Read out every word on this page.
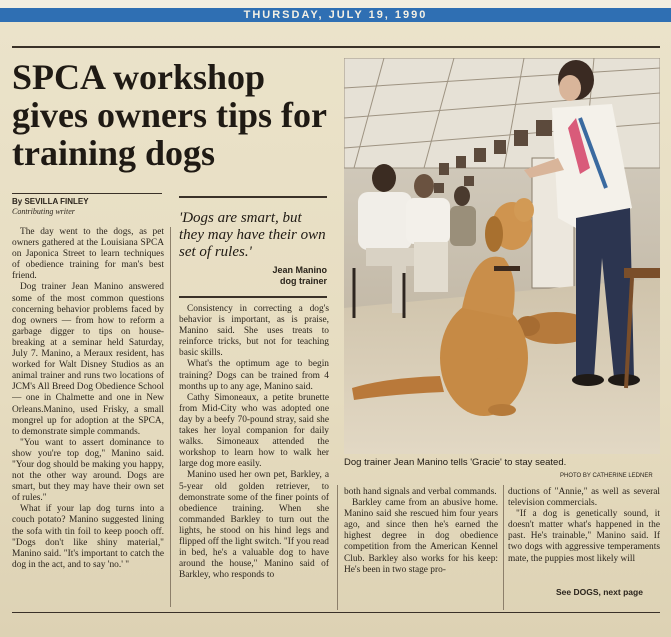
THURSDAY, JULY 19, 1990
SPCA workshop gives owners tips for training dogs
By SEVILLA FINLEY
Contributing writer	'Dogs are smart, but they may have their own set of rules.'
Jean Manino
dog trainer

The day went to the dogs, as pet owners gathered at the Louisiana SPCA on Japonica Street to learn techniques of obedience training for man's best friend.

Dog trainer Jean Manino answered some of the most common questions concerning behavior problems faced by dog owners — from how to reform a garbage digger to tips on house-breaking at a seminar held Saturday, July 7. Manino, a Meraux resident, has worked for Walt Disney Studios as an animal trainer and runs two locations of JCM's All Breed Dog Obedience School — one in Chalmette and one in New Orleans.Manino, used Frisky, a small mongrel up for adoption at the SPCA, to demonstrate simple commands.

"You want to assert dominance to show you're top dog," Manino said. "Your dog should be making you happy, not the other way around. Dogs are smart, but they may have their own set of rules."

What if your lap dog turns into a couch potato? Manino suggested lining the sofa with tin foil to keep pooch off. "Dogs don't like shiny material," Manino said. "It's important to catch the dog in the act, and to say 'no.' "

Consistency in correcting a dog's behavior is important, as is praise, Manino said. She uses treats to reinforce tricks, but not for teaching basic skills.

What's the optimum age to begin training? Dogs can be trained from 4 months up to any age, Manino said.

Cathy Simoneaux, a petite brunette from Mid-City who was adopted one day by a beefy 70-pound stray, said she takes her loyal companion for daily walks. Simoneaux attended the workshop to learn how to walk her large dog more easily.

Manino used her own pet, Barkley, a 5-year old golden retriever, to demonstrate some of the finer points of obedience training. When she commanded Barkley to turn out the lights, he stood on his hind legs and flipped off the light switch. "If you read in bed, he's a valuable dog to have around the house," Manino said of Barkley, who responds to

Dog trainer Jean Manino tells 'Gracie' to stay seated.
PHOTO BY CATHERINE LEDNER

both hand signals and verbal commands.

Barkley came from an abusive home. Manino said she rescued him four years ago, and since then he's earned the highest degree in dog obedience competition from the American Kennel Club. Barkley also works for his keep: He's been in two stage pro-

ductions of "Annie," as well as several television commercials.

"If a dog is genetically sound, it doesn't matter what's happened in the past. He's trainable," Manino said. If two dogs with aggressive temperaments mate, the puppies most likely will

See DOGS, next page
